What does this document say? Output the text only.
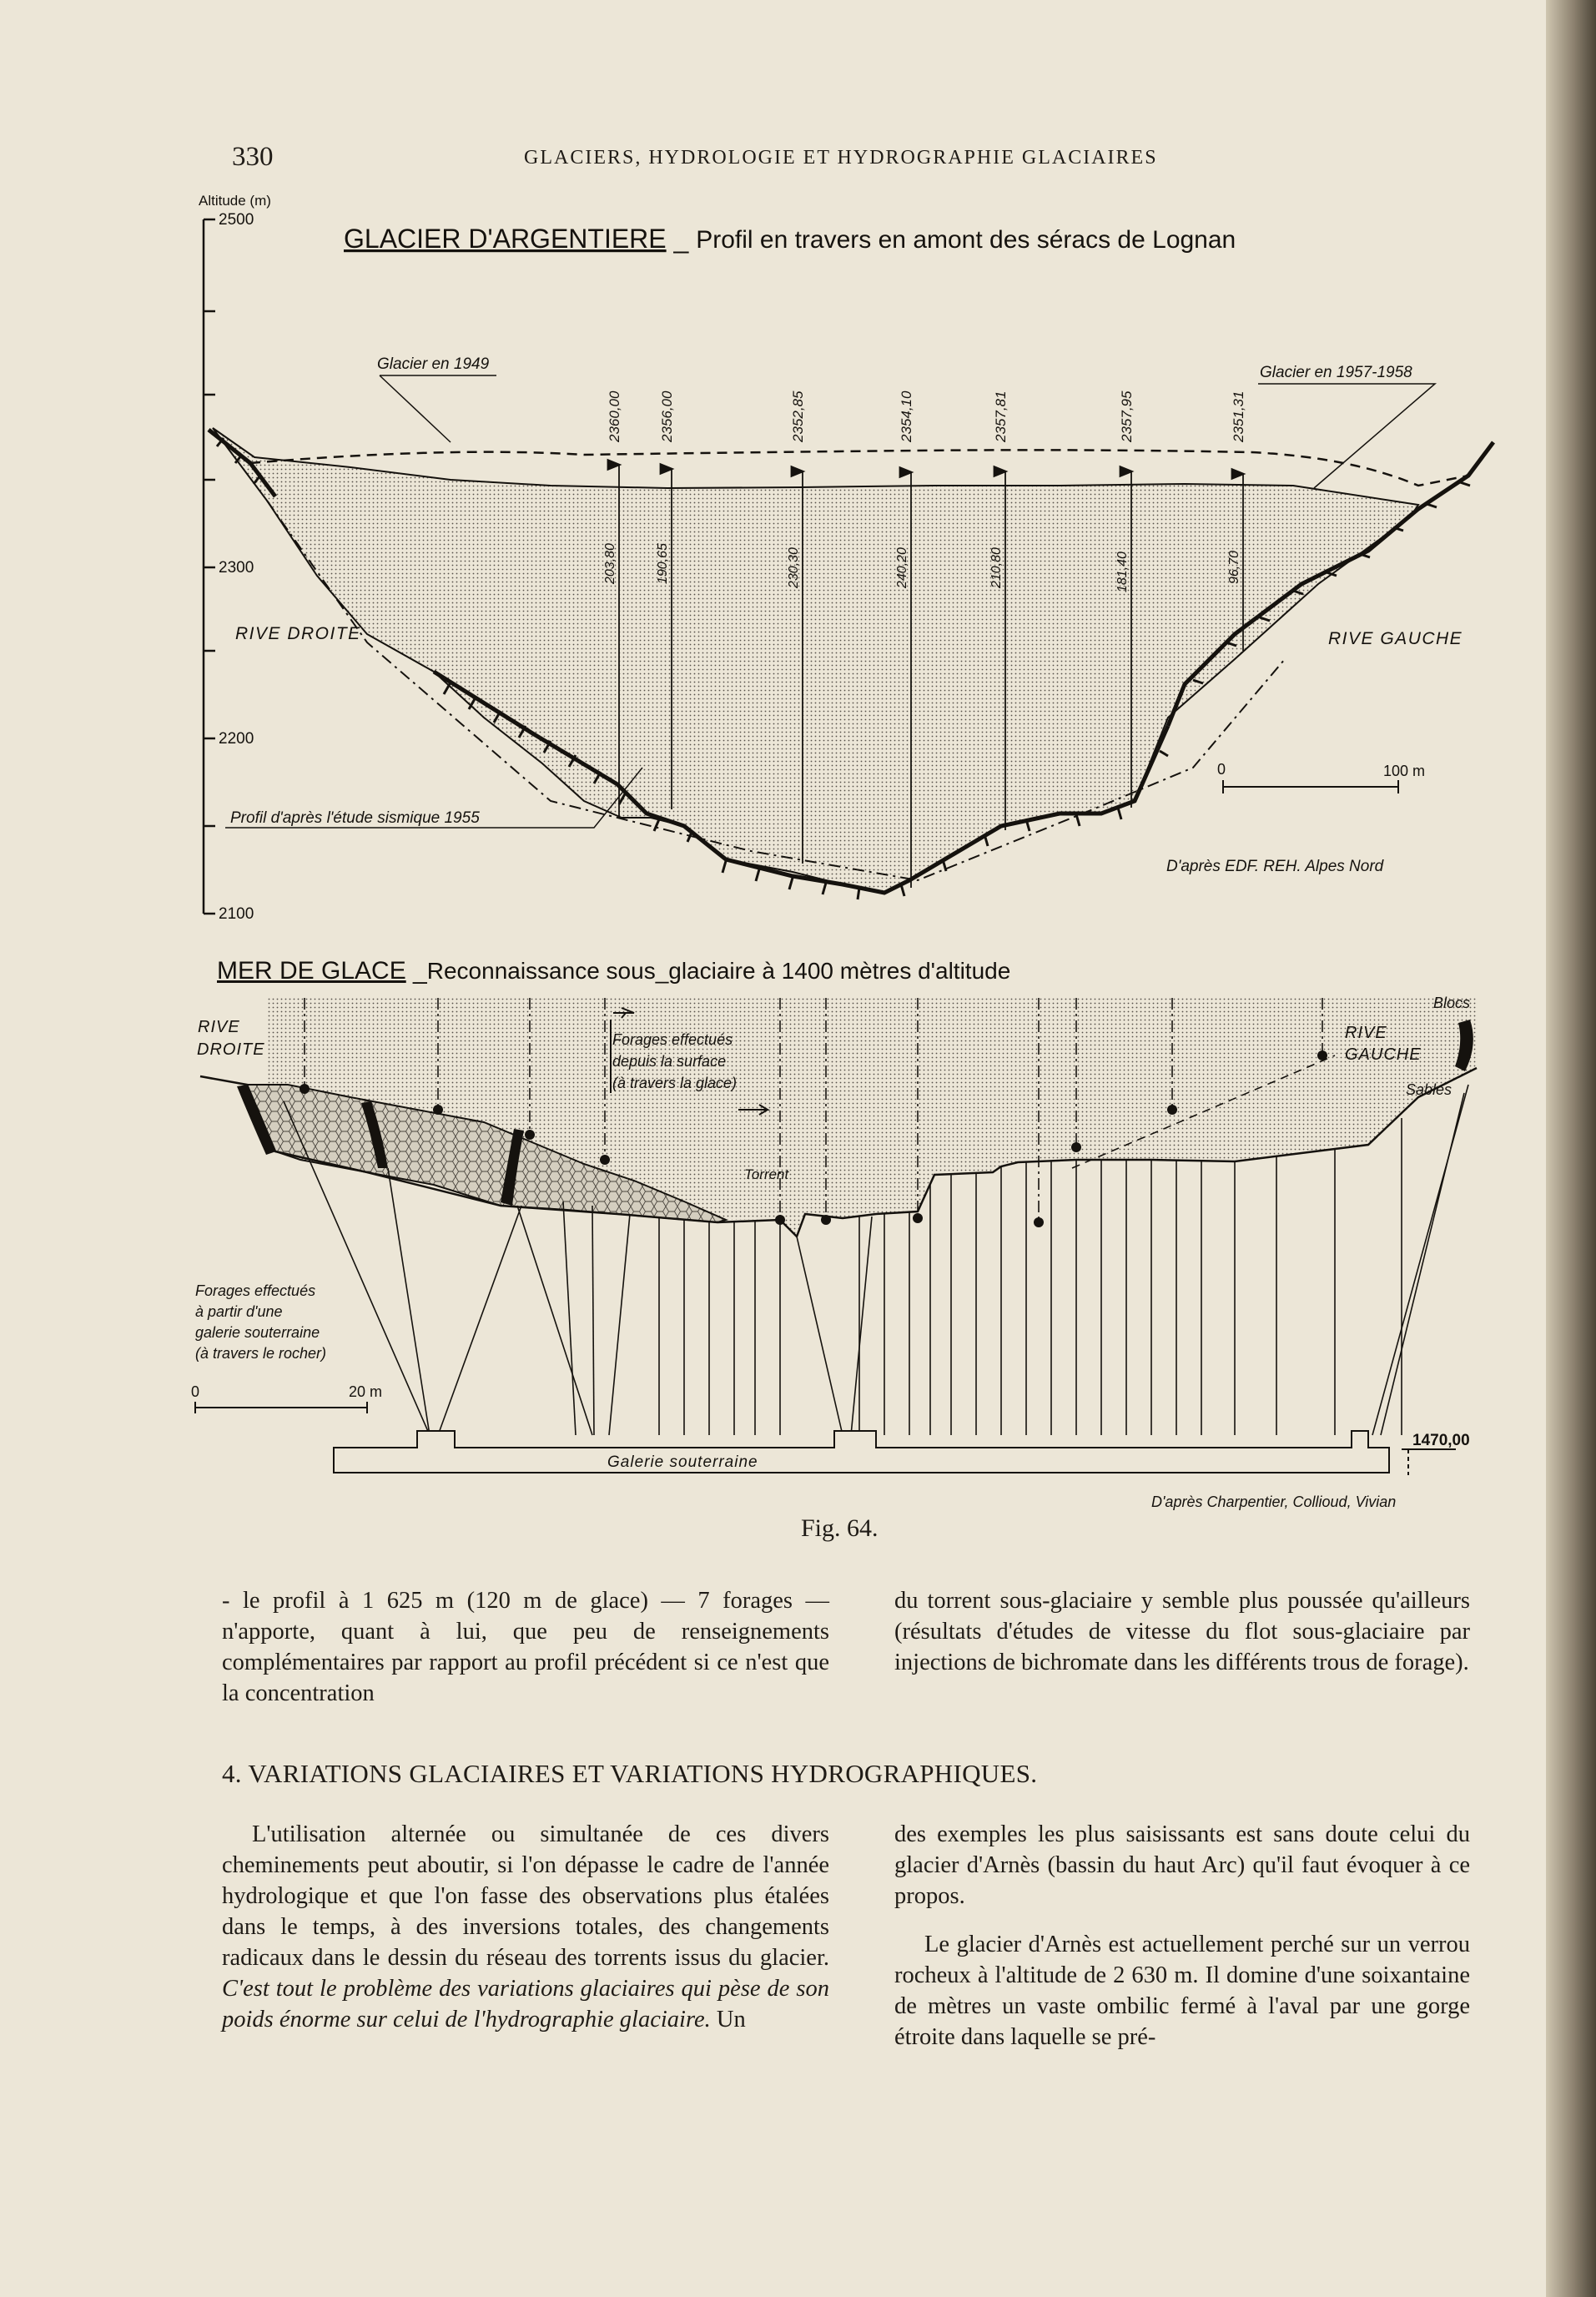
330	GLACIERS, HYDROLOGIE ET HYDROGRAPHIE GLACIAIRES
Altitude (m)
2500
2300
2200
2100
GLACIER D'ARGENTIERE _ Profil en travers en amont des séracs de Lognan
2360,00	2356,00	2352,85	2354,10	2357,81	2357,95	2351,31
203,80	190,65	230,30	240,20	210,80	181,40	96,70
Glacier en 1949	Glacier en 1957-1958
RIVE DROITE	RIVE GAUCHE
Profil d'après l'étude sismique 1955
0	100 m
D'après EDF. REH. Alpes Nord
MER DE GLACE _Reconnaissance sous_glaciaire à 1400 mètres d'altitude
Galerie souterraine
1470,00
RIVE
DROITE
RIVE
GAUCHE
Blocs
Sables
Forages effectués
depuis la surface
(à travers la glace)
Torrent
Forages effectués
à partir d'une
galerie souterraine
(à travers le rocher)
0	20 m
D'après Charpentier, Collioud, Vivian
Fig. 64.

- le profil à 1 625 m (120 m de glace) — 7 forages — n'apporte, quant à lui, que peu de renseignements complémentaires par rapport au profil précédent si ce n'est que la concentration

du torrent sous-glaciaire y semble plus poussée qu'ailleurs (résultats d'études de vitesse du flot sous-glaciaire par injections de bichromate dans les différents trous de forage).

4. VARIATIONS GLACIAIRES ET VARIATIONS HYDROGRAPHIQUES.

L'utilisation alternée ou simultanée de ces divers cheminements peut aboutir, si l'on dépasse le cadre de l'année hydrologique et que l'on fasse des observations plus étalées dans le temps, à des inversions totales, des changements radicaux dans le dessin du réseau des torrents issus du glacier. C'est tout le problème des variations glaciaires qui pèse de son poids énorme sur celui de l'hydrographie glaciaire. Un

des exemples les plus saisissants est sans doute celui du glacier d'Arnès (bassin du haut Arc) qu'il faut évoquer à ce propos.

Le glacier d'Arnès est actuellement perché sur un verrou rocheux à l'altitude de 2 630 m. Il domine d'une soixantaine de mètres un vaste ombilic fermé à l'aval par une gorge étroite dans laquelle se pré-
